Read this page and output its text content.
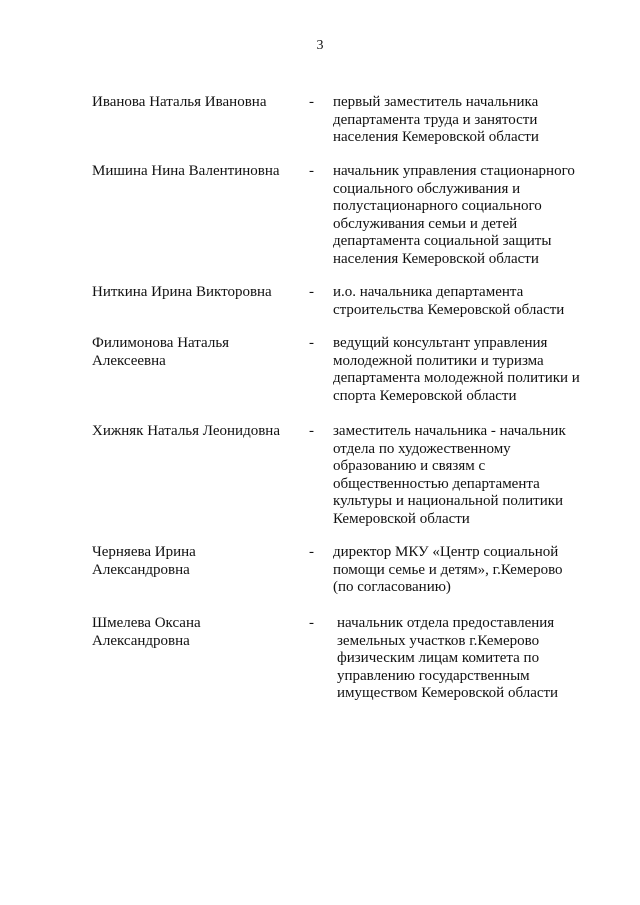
3
Иванова Наталья Ивановна	- первый заместитель начальника
департамента труда и занятости
населения Кемеровской области
Мишина Нина Валентиновна	- начальник управления стационарного
социального обслуживания и
полустационарного социального
обслуживания семьи и детей
департамента социальной защиты
населения Кемеровской области
Ниткина Ирина Викторовна	- и.о. начальника департамента
строительства Кемеровской области
Филимонова Наталья
Алексеевна
- ведущий консультант управления
молодежной политики и туризма
департамента молодежной политики и
спорта Кемеровской области
Хижняк Наталья Леонидовна	- заместитель начальника - начальник
отдела по художественному
образованию и связям с
общественностью департамента
культуры и национальной политики
Кемеровской области
Черняева Ирина Александровна
- директор МКУ «Центр социальной
помощи семье и детям», г.Кемерово
(по согласованию)
Шмелева Оксана
Александровна
- начальник отдела предоставления
земельных участков г.Кемерово
физическим лицам комитета по
управлению государственным
имуществом Кемеровской области
